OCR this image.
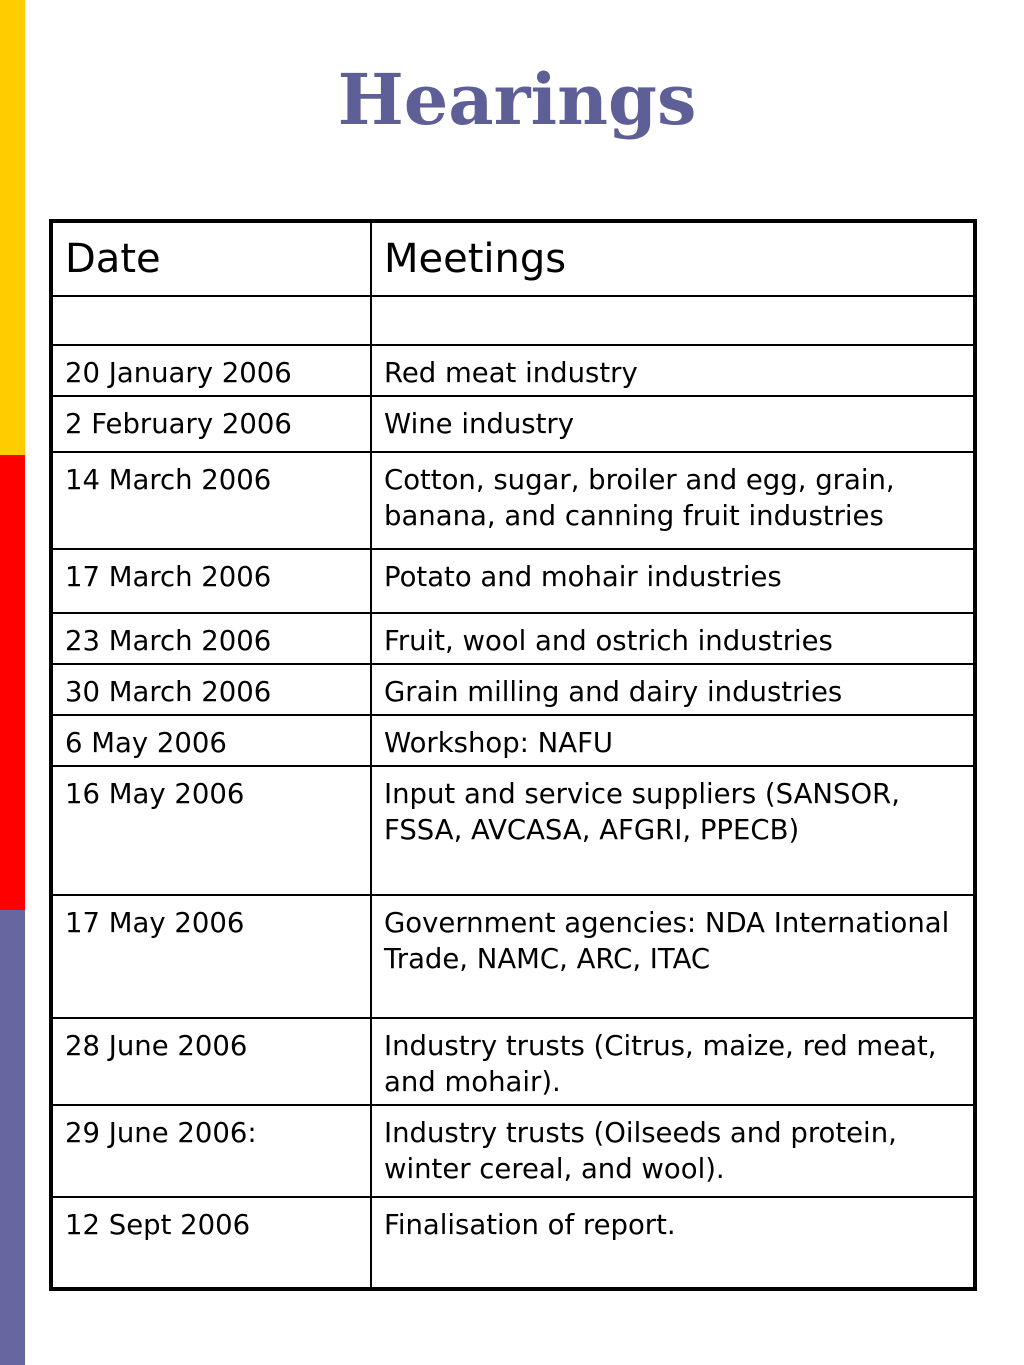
Hearings
Date	Meetings

20 January 2006	Red meat industry
2 February 2006	Wine industry
14 March 2006	Cotton, sugar, broiler and egg, grain, banana, and canning fruit industries
17 March 2006	Potato and mohair industries
23 March 2006	Fruit, wool and ostrich industries
30 March 2006	Grain milling and dairy industries
6 May 2006	Workshop: NAFU
16 May 2006	Input and service suppliers (SANSOR, FSSA, AVCASA, AFGRI, PPECB)
17 May 2006	Government agencies: NDA International Trade, NAMC, ARC, ITAC
28 June 2006	Industry trusts (Citrus, maize, red meat, and mohair).
29 June 2006:	Industry trusts (Oilseeds and protein, winter cereal, and wool).
12 Sept 2006	Finalisation of report.
